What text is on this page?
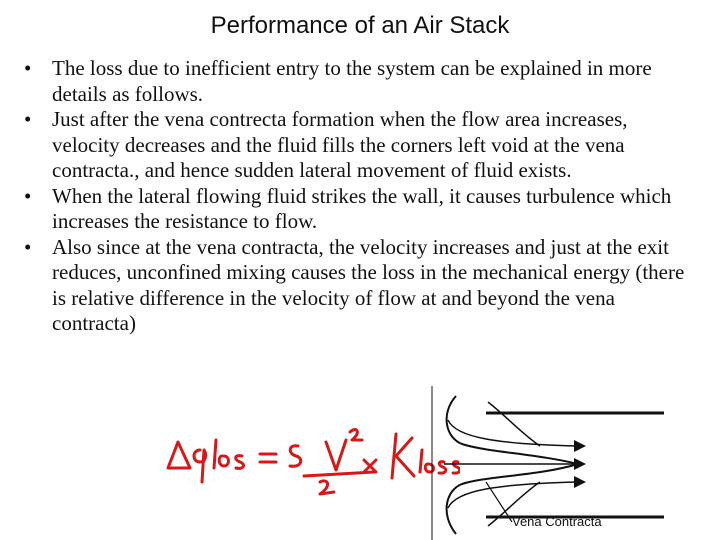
Performance of an Air Stack
• The loss due to inefficient entry to the system can be explained in more details as follows.
• Just after the vena contrecta formation when the flow area increases, velocity decreases and the fluid fills the corners left void at the vena contracta., and hence sudden lateral movement of fluid exists.
• When the lateral flowing fluid strikes the wall, it causes turbulence which increases the resistance to flow.
• Also since at the vena contracta, the velocity increases and just at the exit reduces, unconfined mixing causes the loss in the mechanical energy (there is relative difference in the velocity of flow at and beyond the vena contracta)
Vena Contracta
